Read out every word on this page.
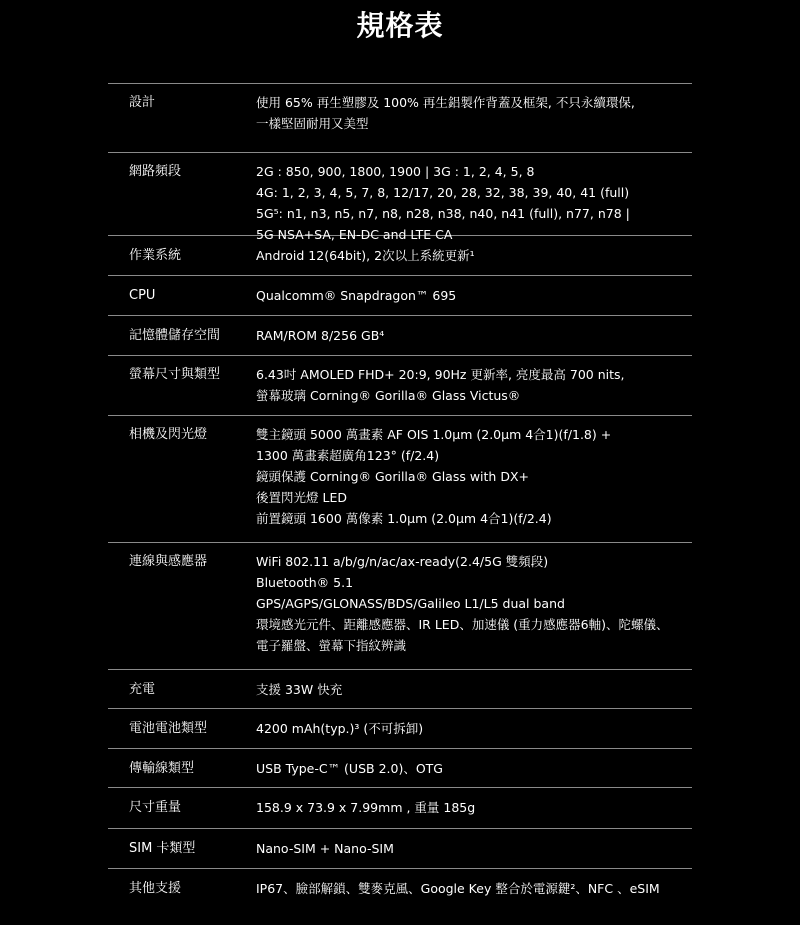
規格表
設計	使用 65% 再生塑膠及 100% 再生鋁製作背蓋及框架, 不只永續環保,
一樣堅固耐用又美型
網路頻段	2G : 850, 900, 1800, 1900 | 3G : 1, 2, 4, 5, 8
4G: 1, 2, 3, 4, 5, 7, 8, 12/17, 20, 28, 32, 38, 39, 40, 41 (full)
5G⁵: n1, n3, n5, n7, n8, n28, n38, n40, n41 (full), n77, n78 |
5G NSA+SA, EN-DC and LTE CA
作業系統	Android 12(64bit), 2次以上系統更新¹
CPU	Qualcomm® Snapdragon™ 695
記憶體儲存空間	RAM/ROM 8/256 GB⁴
螢幕尺寸與類型	6.43吋 AMOLED FHD+ 20:9, 90Hz 更新率, 亮度最高 700 nits,
螢幕玻璃 Corning® Gorilla® Glass Victus®
相機及閃光燈	雙主鏡頭 5000 萬畫素 AF OIS 1.0μm (2.0μm 4合1)(f/1.8) +
1300 萬畫素超廣角123° (f/2.4)
鏡頭保護 Corning® Gorilla® Glass with DX+
後置閃光燈 LED
前置鏡頭 1600 萬像素 1.0μm (2.0μm 4合1)(f/2.4)
連線與感應器	WiFi 802.11 a/b/g/n/ac/ax-ready(2.4/5G 雙頻段)
Bluetooth® 5.1
GPS/AGPS/GLONASS/BDS/Galileo L1/L5 dual band
環境感光元件、距離感應器、IR LED、加速儀 (重力感應器6軸)、陀螺儀、
電子羅盤、螢幕下指紋辨識
充電	支援 33W 快充
電池電池類型	4200 mAh(typ.)³ (不可拆卸)
傳輸線類型	USB Type-C™ (USB 2.0)、OTG
尺寸重量	158.9 x 73.9 x 7.99mm , 重量 185g
SIM 卡類型	Nano-SIM + Nano-SIM
其他支援	IP67、臉部解鎖、雙麥克風、Google Key 整合於電源鍵²、NFC 、eSIM
